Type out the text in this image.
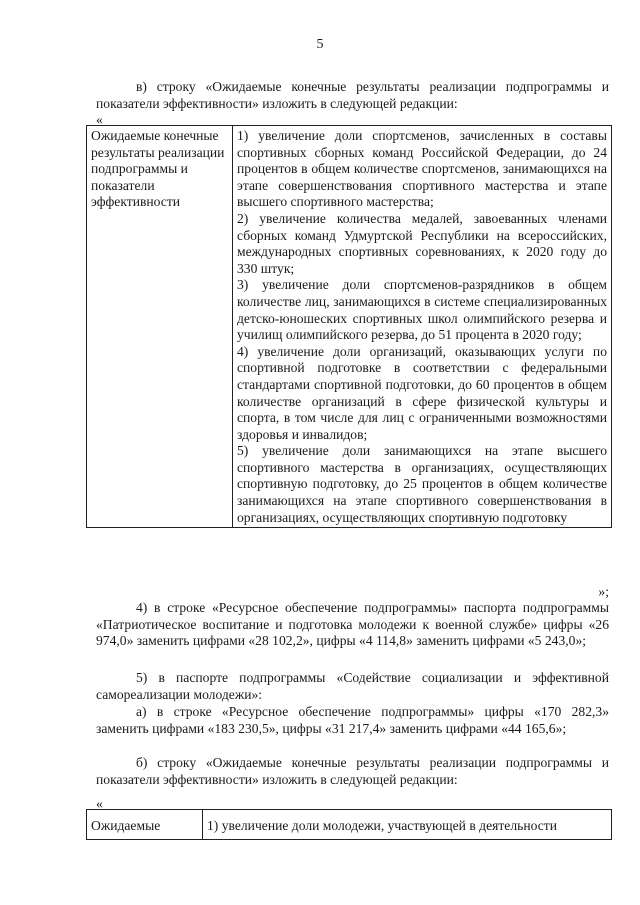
5
в) строку «Ожидаемые конечные результаты реализации подпрограммы и показатели эффективности» изложить в следующей редакции:
«
Ожидаемые конечные результаты реализации подпрограммы и показатели эффективности	
1) увеличение доли спортсменов, зачисленных в составы спортивных сборных команд Российской Федерации, до 24 процентов в общем количестве спортсменов, занимающихся на этапе совершенствования спортивного мастерства и этапе высшего спортивного мастерства;
2) увеличение количества медалей, завоеванных членами сборных команд Удмуртской Республики на всероссийских, международных спортивных соревнованиях, к 2020 году до 330 штук;
3) увеличение доли спортсменов-разрядников в общем количестве лиц, занимающихся в системе специализированных детско-юношеских спортивных школ олимпийского резерва и училищ олимпийского резерва, до 51 процента в 2020 году;
4) увеличение доли организаций, оказывающих услуги по спортивной подготовке в соответствии с федеральными стандартами спортивной подготовки, до 60 процентов в общем количестве организаций в сфере физической культуры и спорта, в том числе для лиц с ограниченными возможностями здоровья и инвалидов;
5) увеличение доли занимающихся на этапе высшего спортивного мастерства в организациях, осуществляющих спортивную подготовку, до 25 процентов в общем количестве занимающихся на этапе спортивного совершенствования в организациях, осуществляющих спортивную подготовку
»;
4) в строке «Ресурсное обеспечение подпрограммы» паспорта подпрограммы «Патриотическое воспитание и подготовка молодежи к военной службе» цифры «26 974,0» заменить цифрами «28 102,2», цифры «4 114,8» заменить цифрами «5 243,0»;
5) в паспорте подпрограммы «Содействие социализации и эффективной самореализации молодежи»:
а) в строке «Ресурсное обеспечение подпрограммы» цифры «170 282,3» заменить цифрами «183 230,5», цифры «31 217,4» заменить цифрами «44 165,6»;
б) строку «Ожидаемые конечные результаты реализации подпрограммы и показатели эффективности» изложить в следующей редакции:
«
Ожидаемые	1) увеличение доли молодежи, участвующей в деятельности
